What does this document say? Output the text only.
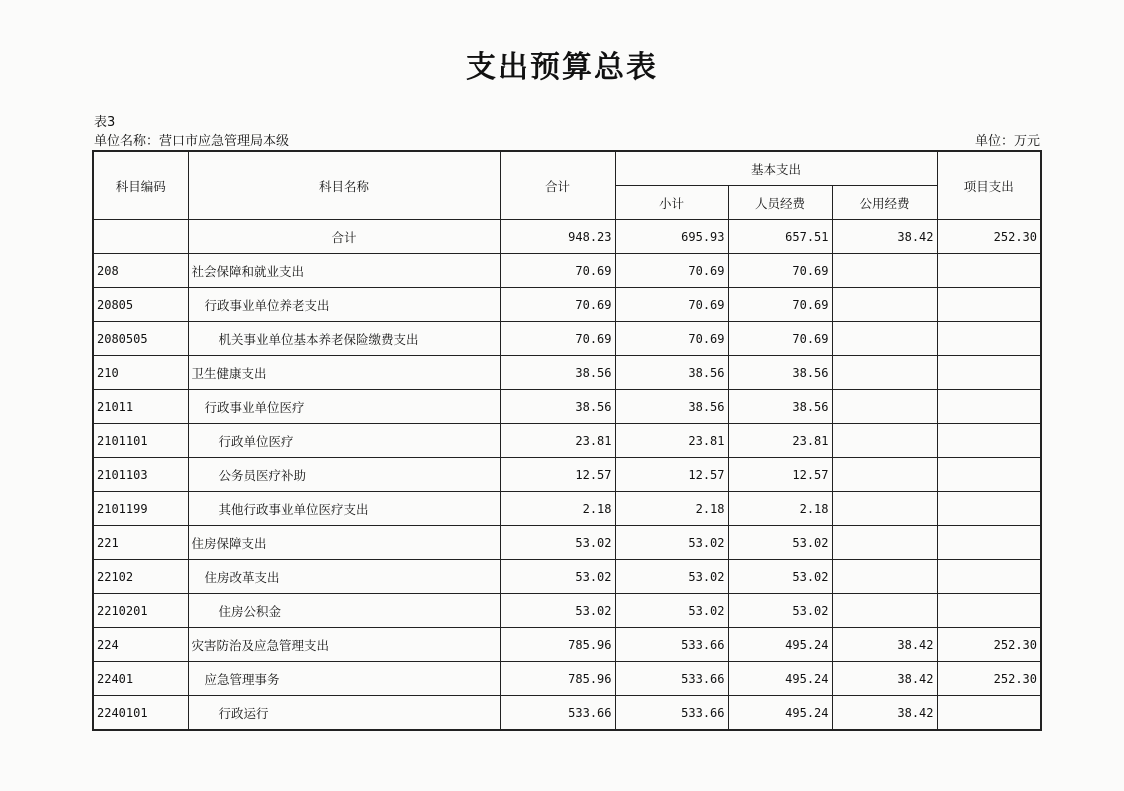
支出预算总表
表3
单位名称：营口市应急管理局本级	单位：万元
科目编码	科目名称	合计	基本支出			项目支出
			小计	人员经费	公用经费	
	合计	948.23	695.93	657.51	38.42	252.30
208	社会保障和就业支出	70.69	70.69	70.69		
20805	行政事业单位养老支出	70.69	70.69	70.69		
2080505	机关事业单位基本养老保险缴费支出	70.69	70.69	70.69		
210	卫生健康支出	38.56	38.56	38.56		
21011	行政事业单位医疗	38.56	38.56	38.56		
2101101	行政单位医疗	23.81	23.81	23.81		
2101103	公务员医疗补助	12.57	12.57	12.57		
2101199	其他行政事业单位医疗支出	2.18	2.18	2.18		
221	住房保障支出	53.02	53.02	53.02		
22102	住房改革支出	53.02	53.02	53.02		
2210201	住房公积金	53.02	53.02	53.02		
224	灾害防治及应急管理支出	785.96	533.66	495.24	38.42	252.30
22401	应急管理事务	785.96	533.66	495.24	38.42	252.30
2240101	行政运行	533.66	533.66	495.24	38.42	
